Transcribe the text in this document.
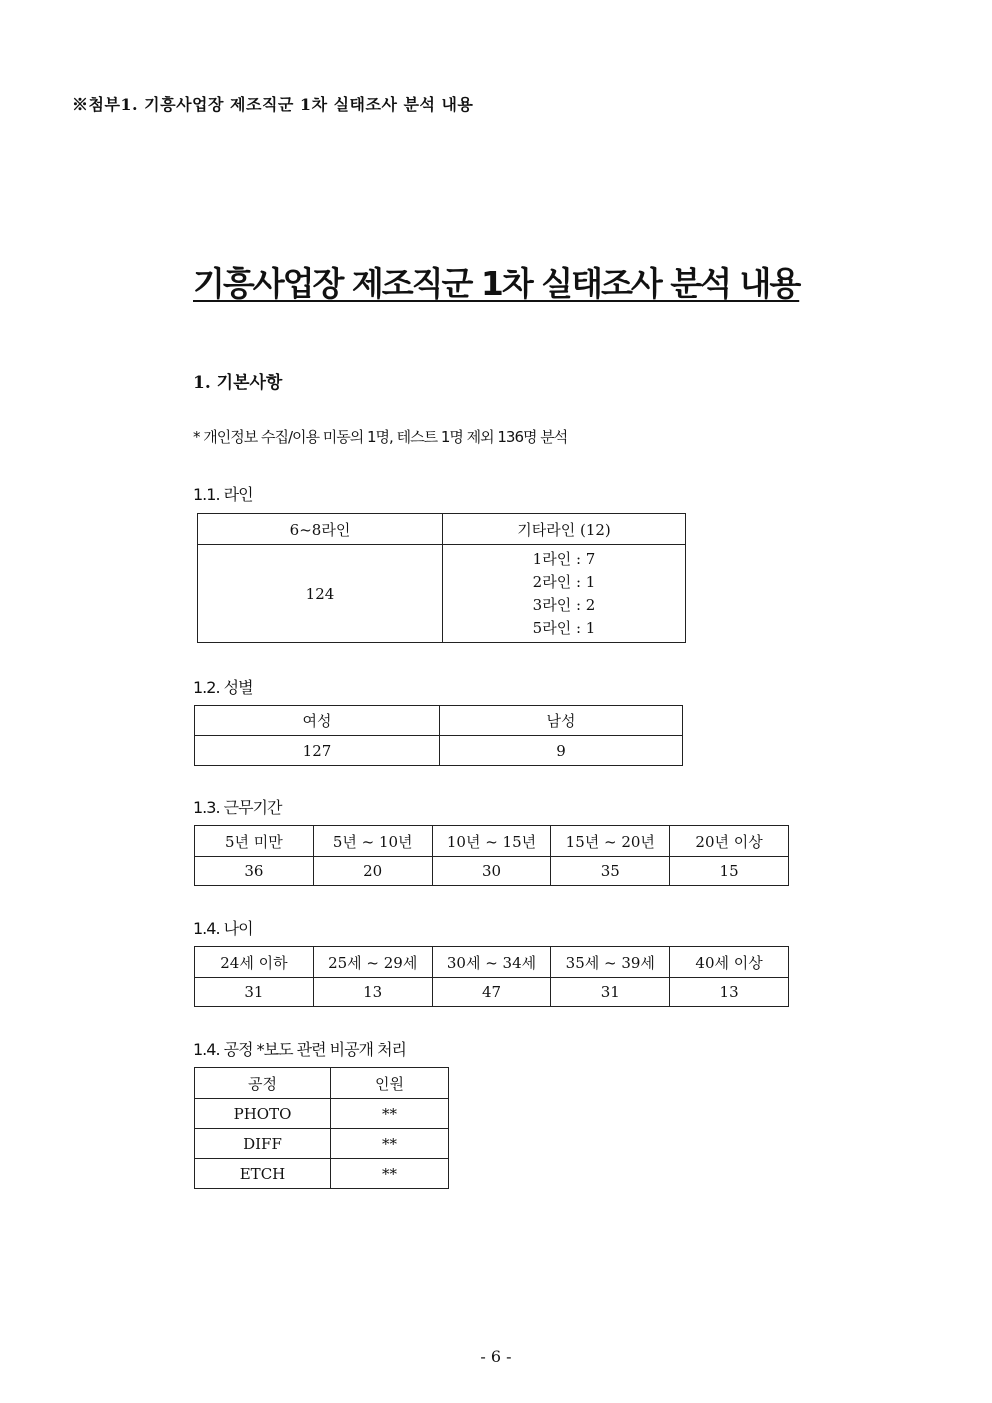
※첨부1. 기흥사업장 제조직군 1차 실태조사 분석 내용
기흥사업장 제조직군 1차 실태조사 분석 내용
1. 기본사항
* 개인정보 수집/이용 미동의 1명, 테스트 1명 제외 136명 분석
1.1. 라인
6~8라인	기타라인 (12)
124	1라인 : 7
2라인 : 1
3라인 : 2
5라인 : 1
1.2. 성별
여성	남성
127	9
1.3. 근무기간
5년 미만	5년 ~ 10년	10년 ~ 15년	15년 ~ 20년	20년 이상
36	20	30	35	15
1.4. 나이
24세 이하	25세 ~ 29세	30세 ~ 34세	35세 ~ 39세	40세 이상
31	13	47	31	13
1.4. 공정 *보도 관련 비공개 처리
공정	인원
PHOTO	**
DIFF	**
ETCH	**
- 6 -
